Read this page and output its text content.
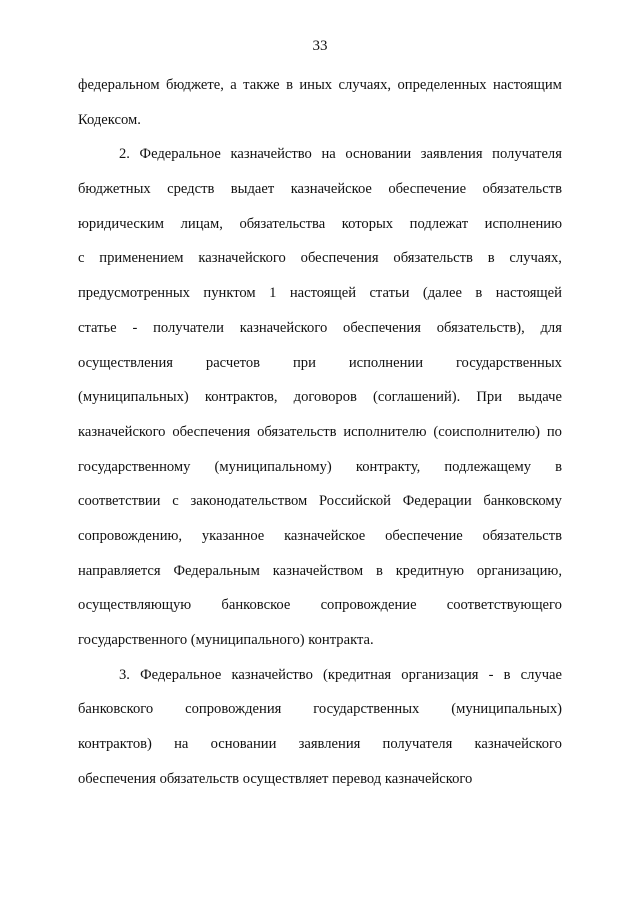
33
федеральном бюджете, а также в иных случаях, определенных настоящим
Кодексом.
2. Федеральное казначейство на основании заявления получателя
бюджетных средств выдает казначейское обеспечение обязательств
юридическим лицам, обязательства которых подлежат исполнению
с применением казначейского обеспечения обязательств в случаях,
предусмотренных пунктом 1 настоящей статьи (далее в настоящей
статье - получатели казначейского обеспечения обязательств), для
осуществления расчетов при исполнении государственных
(муниципальных) контрактов, договоров (соглашений). При выдаче
казначейского обеспечения обязательств исполнителю (соисполнителю) по
государственному (муниципальному) контракту, подлежащему в
соответствии с законодательством Российской Федерации банковскому
сопровождению, указанное казначейское обеспечение обязательств
направляется Федеральным казначейством в кредитную организацию,
осуществляющую банковское сопровождение соответствующего
государственного (муниципального) контракта.
3. Федеральное казначейство (кредитная организация - в случае
банковского сопровождения государственных (муниципальных)
контрактов) на основании заявления получателя казначейского
обеспечения обязательств осуществляет перевод казначейского
